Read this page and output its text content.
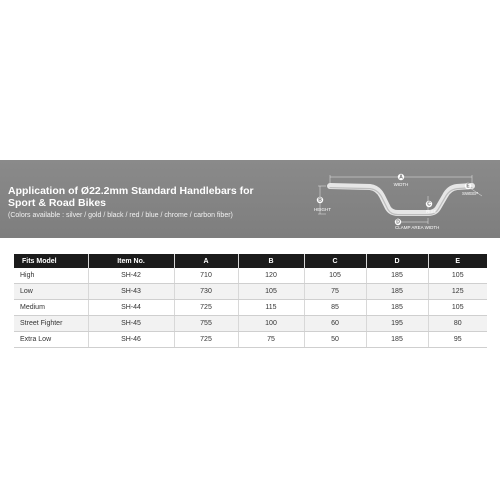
Application of Ø22.2mm Standard Handlebars for
Sport & Road Bikes

(Colors available : silver / gold / black / red / blue / chrome / carbon fiber)

A
B
C
D
E
WIDTH
HEIGHT
SWEEP
RISE
CLAMP AREA WIDTH
Fits Model	Item No.	A	B	C	D	E
High	SH-42	710	120	105	185	105
Low	SH-43	730	105	75	185	125
Medium	SH-44	725	115	85	185	105
Street Fighter	SH-45	755	100	60	195	80
Extra Low	SH-46	725	75	50	185	95
